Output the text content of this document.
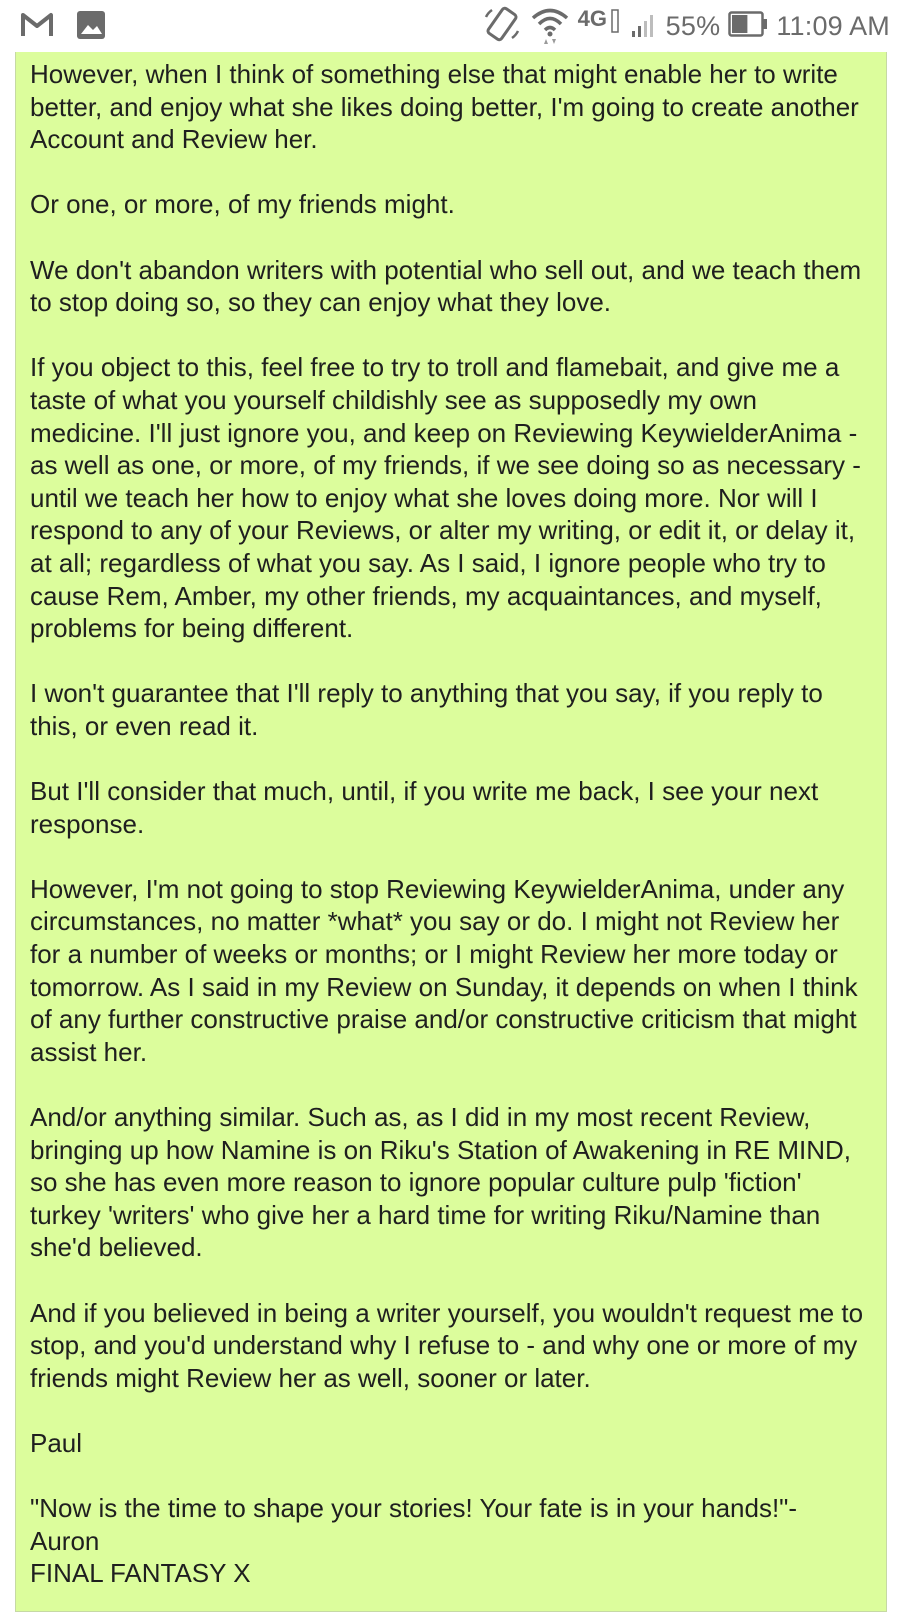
4G 55% 11:09 AM

However, when I think of something else that might enable her to write better, and enjoy what she likes doing better, I'm going to create another Account and Review her.

Or one, or more, of my friends might.

We don't abandon writers with potential who sell out, and we teach them to stop doing so, so they can enjoy what they love.

If you object to this, feel free to try to troll and flamebait, and give me a taste of what you yourself childishly see as supposedly my own medicine. I'll just ignore you, and keep on Reviewing KeywielderAnima - as well as one, or more, of my friends, if we see doing so as necessary - until we teach her how to enjoy what she loves doing more. Nor will I respond to any of your Reviews, or alter my writing, or edit it, or delay it, at all; regardless of what you say. As I said, I ignore people who try to cause Rem, Amber, my other friends, my acquaintances, and myself, problems for being different.

I won't guarantee that I'll reply to anything that you say, if you reply to this, or even read it.

But I'll consider that much, until, if you write me back, I see your next response.

However, I'm not going to stop Reviewing KeywielderAnima, under any circumstances, no matter *what* you say or do. I might not Review her for a number of weeks or months; or I might Review her more today or tomorrow. As I said in my Review on Sunday, it depends on when I think of any further constructive praise and/or constructive criticism that might assist her.

And/or anything similar. Such as, as I did in my most recent Review, bringing up how Namine is on Riku's Station of Awakening in RE MIND, so she has even more reason to ignore popular culture pulp 'fiction' turkey 'writers' who give her a hard time for writing Riku/Namine than she'd believed.

And if you believed in being a writer yourself, you wouldn't request me to stop, and you'd understand why I refuse to - and why one or more of my friends might Review her as well, sooner or later.

Paul

"Now is the time to shape your stories! Your fate is in your hands!"-
Auron
FINAL FANTASY X
